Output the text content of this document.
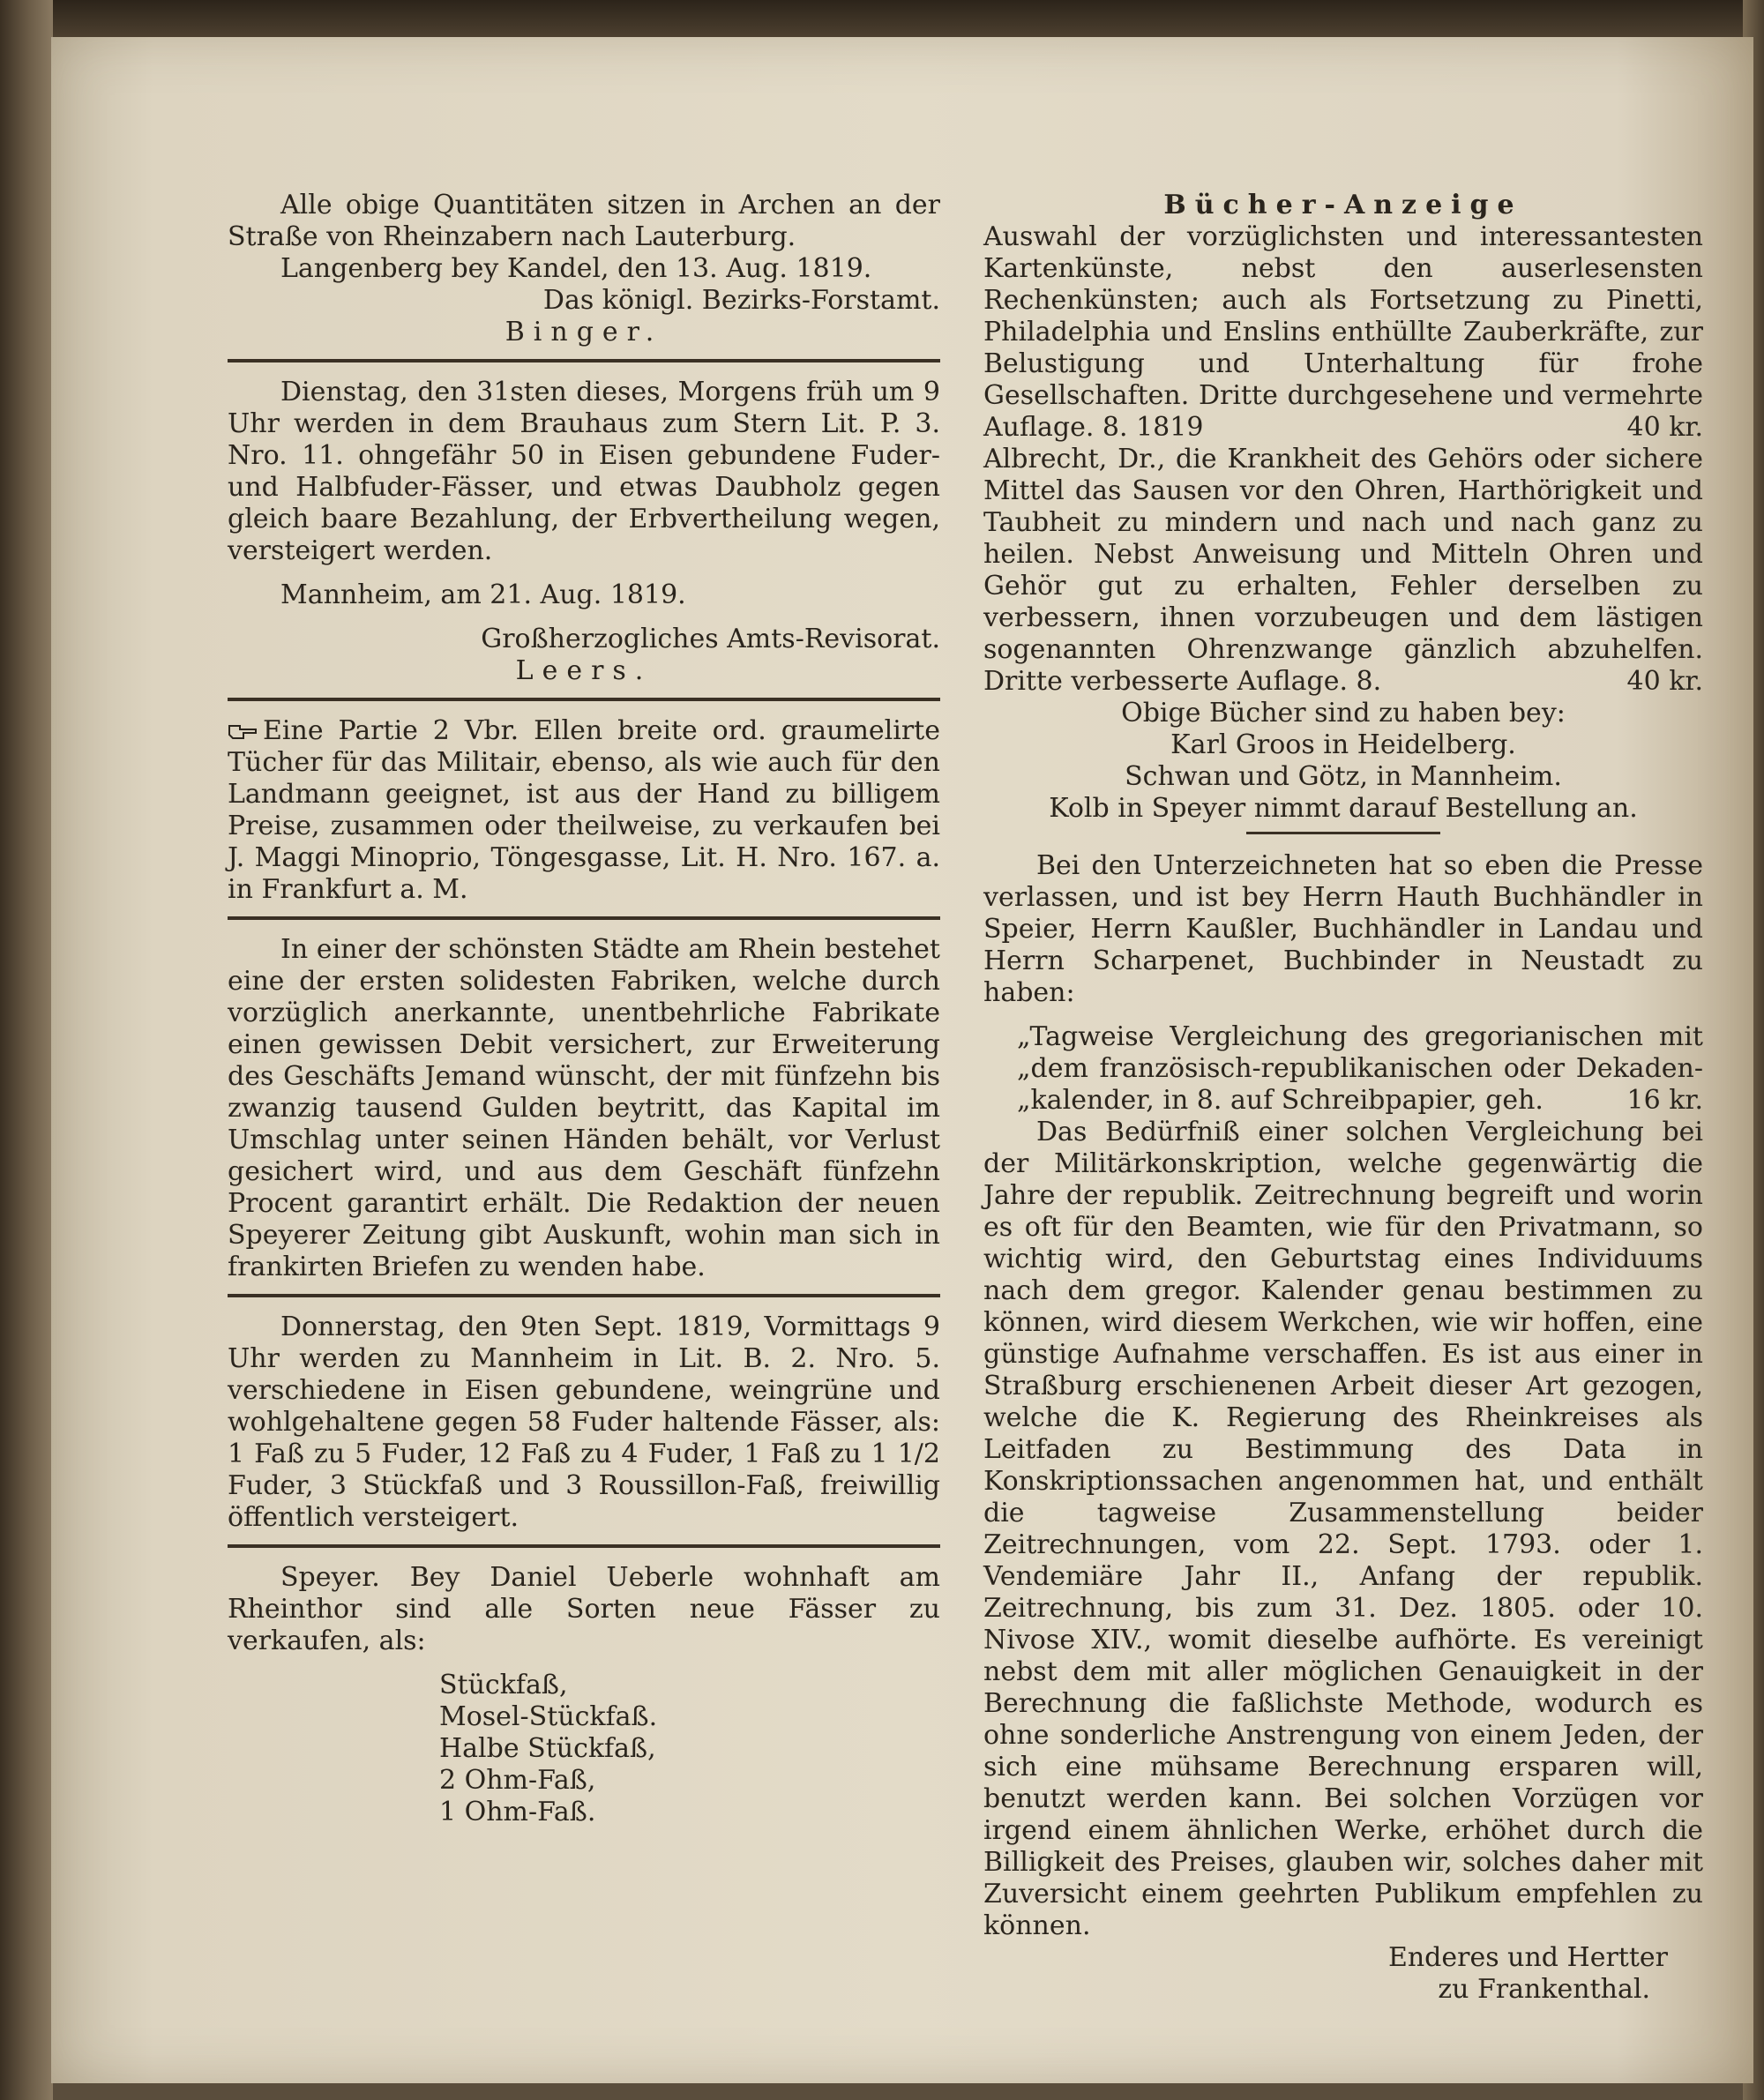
Alle obige Quantitäten sitzen in Archen an der Straße von Rheinzabern nach Lauterburg.

Langenberg bey Kandel, den 13. Aug. 1819.

Das königl. Bezirks-Forstamt.

Binger.

Dienstag, den 31sten dieses, Morgens früh um 9 Uhr werden in dem Brauhaus zum Stern Lit. P. 3. Nro. 11. ohngefähr 50 in Eisen gebundene Fuder- und Halbfuder-Fässer, und etwas Daubholz gegen gleich baare Bezahlung, der Erbvertheilung wegen, versteigert werden.

Mannheim, am 21. Aug. 1819.

Großherzogliches Amts-Revisorat.

Leers.

Eine Partie 2 Vbr. Ellen breite ord. graumelirte Tücher für das Militair, ebenso, als wie auch für den Landmann geeignet, ist aus der Hand zu billigem Preise, zusammen oder theilweise, zu verkaufen bei J. Maggi Minoprio, Töngesgasse, Lit. H. Nro. 167. a. in Frankfurt a. M.

In einer der schönsten Städte am Rhein bestehet eine der ersten solidesten Fabriken, welche durch vorzüglich anerkannte, unentbehrliche Fabrikate einen gewissen Debit versichert, zur Erweiterung des Geschäfts Jemand wünscht, der mit fünfzehn bis zwanzig tausend Gulden beytritt, das Kapital im Umschlag unter seinen Händen behält, vor Verlust gesichert wird, und aus dem Geschäft fünfzehn Procent garantirt erhält. Die Redaktion der neuen Speyerer Zeitung gibt Auskunft, wohin man sich in frankirten Briefen zu wenden habe.

Donnerstag, den 9ten Sept. 1819, Vormittags 9 Uhr werden zu Mannheim in Lit. B. 2. Nro. 5. verschiedene in Eisen gebundene, weingrüne und wohlgehaltene gegen 58 Fuder haltende Fässer, als: 1 Faß zu 5 Fuder, 12 Faß zu 4 Fuder, 1 Faß zu 1 1/2 Fuder, 3 Stückfaß und 3 Roussillon-Faß, freiwillig öffentlich versteigert.

Speyer. Bey Daniel Ueberle wohnhaft am Rheinthor sind alle Sorten neue Fässer zu verkaufen, als:

Stückfaß,

Mosel-Stückfaß.

Halbe Stückfaß,

2 Ohm-Faß,

1 Ohm-Faß.

Bücher-Anzeige

Auswahl der vorzüglichsten und interessantesten Kartenkünste, nebst den auserlesensten Rechenkünsten; auch als Fortsetzung zu Pinetti, Philadelphia und Enslins enthüllte Zauberkräfte, zur Belustigung und Unterhaltung für frohe Gesellschaften. Dritte durchgesehene und vermehrte Auflage. 8. 1819	40 kr.

Albrecht, Dr., die Krankheit des Gehörs oder sichere Mittel das Sausen vor den Ohren, Harthörigkeit und Taubheit zu mindern und nach und nach ganz zu heilen. Nebst Anweisung und Mitteln Ohren und Gehör gut zu erhalten, Fehler derselben zu verbessern, ihnen vorzubeugen und dem lästigen sogenannten Ohrenzwange gänzlich abzuhelfen. Dritte verbesserte Auflage. 8.	40 kr.

Obige Bücher sind zu haben bey:

Karl Groos in Heidelberg.

Schwan und Götz, in Mannheim.

Kolb in Speyer nimmt darauf Bestellung an.

Bei den Unterzeichneten hat so eben die Presse verlassen, und ist bey Herrn Hauth Buchhändler in Speier, Herrn Kaußler, Buchhändler in Landau und Herrn Scharpenet, Buchbinder in Neustadt zu haben:

„Tagweise Vergleichung des gregorianischen mit „dem französisch-republikanischen oder Dekaden- „kalender, in 8. auf Schreibpapier, geh.	16 kr.

Das Bedürfniß einer solchen Vergleichung bei der Militärkonskription, welche gegenwärtig die Jahre der republik. Zeitrechnung begreift und worin es oft für den Beamten, wie für den Privatmann, so wichtig wird, den Geburtstag eines Individuums nach dem gregor. Kalender genau bestimmen zu können, wird diesem Werkchen, wie wir hoffen, eine günstige Aufnahme verschaffen. Es ist aus einer in Straßburg erschienenen Arbeit dieser Art gezogen, welche die K. Regierung des Rheinkreises als Leitfaden zu Bestimmung des Data in Konskriptionssachen angenommen hat, und enthält die tagweise Zusammenstellung beider Zeitrechnungen, vom 22. Sept. 1793. oder 1. Vendemiäre Jahr II., Anfang der republik. Zeitrechnung, bis zum 31. Dez. 1805. oder 10. Nivose XIV., womit dieselbe aufhörte. Es vereinigt nebst dem mit aller möglichen Genauigkeit in der Berechnung die faßlichste Methode, wodurch es ohne sonderliche Anstrengung von einem Jeden, der sich eine mühsame Berechnung ersparen will, benutzt werden kann. Bei solchen Vorzügen vor irgend einem ähnlichen Werke, erhöhet durch die Billigkeit des Preises, glauben wir, solches daher mit Zuversicht einem geehrten Publikum empfehlen zu können.

Enderes und Hertter

zu Frankenthal.
